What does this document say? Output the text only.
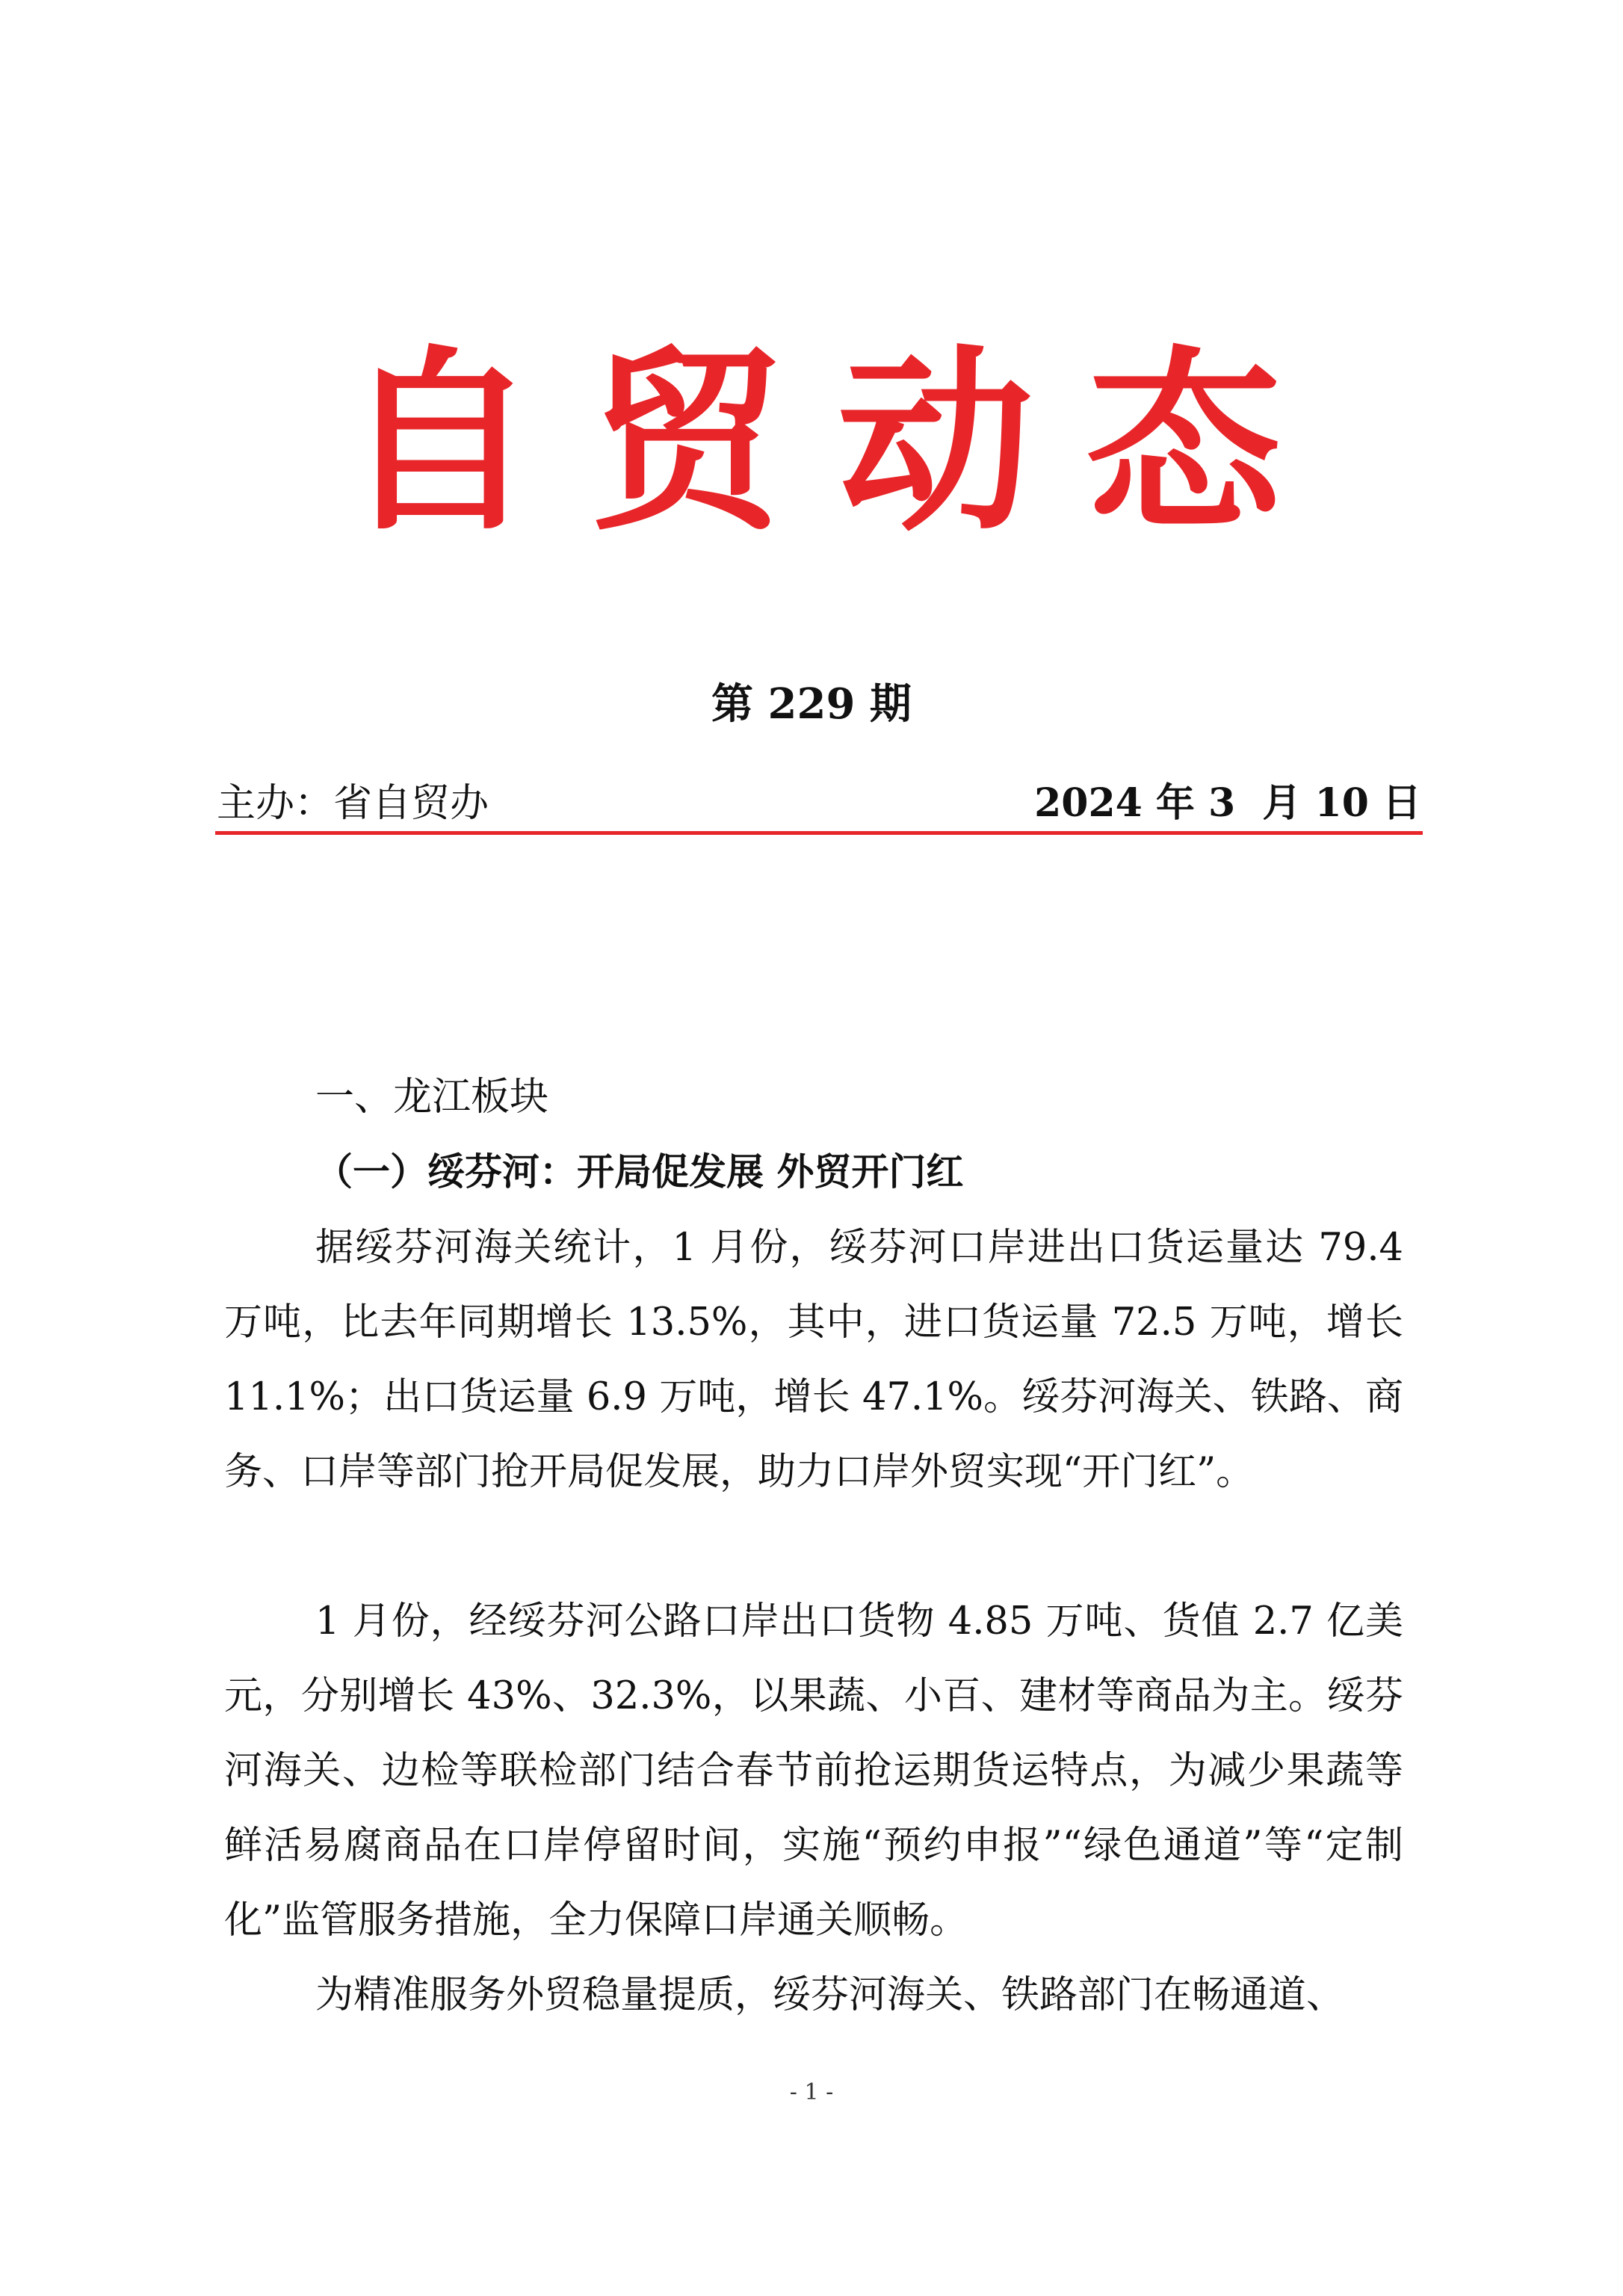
自贸动态
第 229 期
主办：省自贸办	2024 年 3  月 10 日
一、龙江板块
（一）绥芬河：开局促发展 外贸开门红

据绥芬河海关统计，1 月份，绥芬河口岸进出口货运量达 79.4 万吨，比去年同期增长 13.5%，其中，进口货运量 72.5 万吨，增长 11.1%；出口货运量 6.9 万吨，增长 47.1%。绥芬河海关、铁路、商务、口岸等部门抢开局促发展，助力口岸外贸实现“开门红”。

1 月份，经绥芬河公路口岸出口货物 4.85 万吨、货值 2.7 亿美元，分别增长 43%、32.3%，以果蔬、小百、建材等商品为主。绥芬河海关、边检等联检部门结合春节前抢运期货运特点，为减少果蔬等鲜活易腐商品在口岸停留时间，实施“预约申报”“绿色通道”等“定制化”监管服务措施，全力保障口岸通关顺畅。

为精准服务外贸稳量提质，绥芬河海关、铁路部门在畅通道、

- 1 -
